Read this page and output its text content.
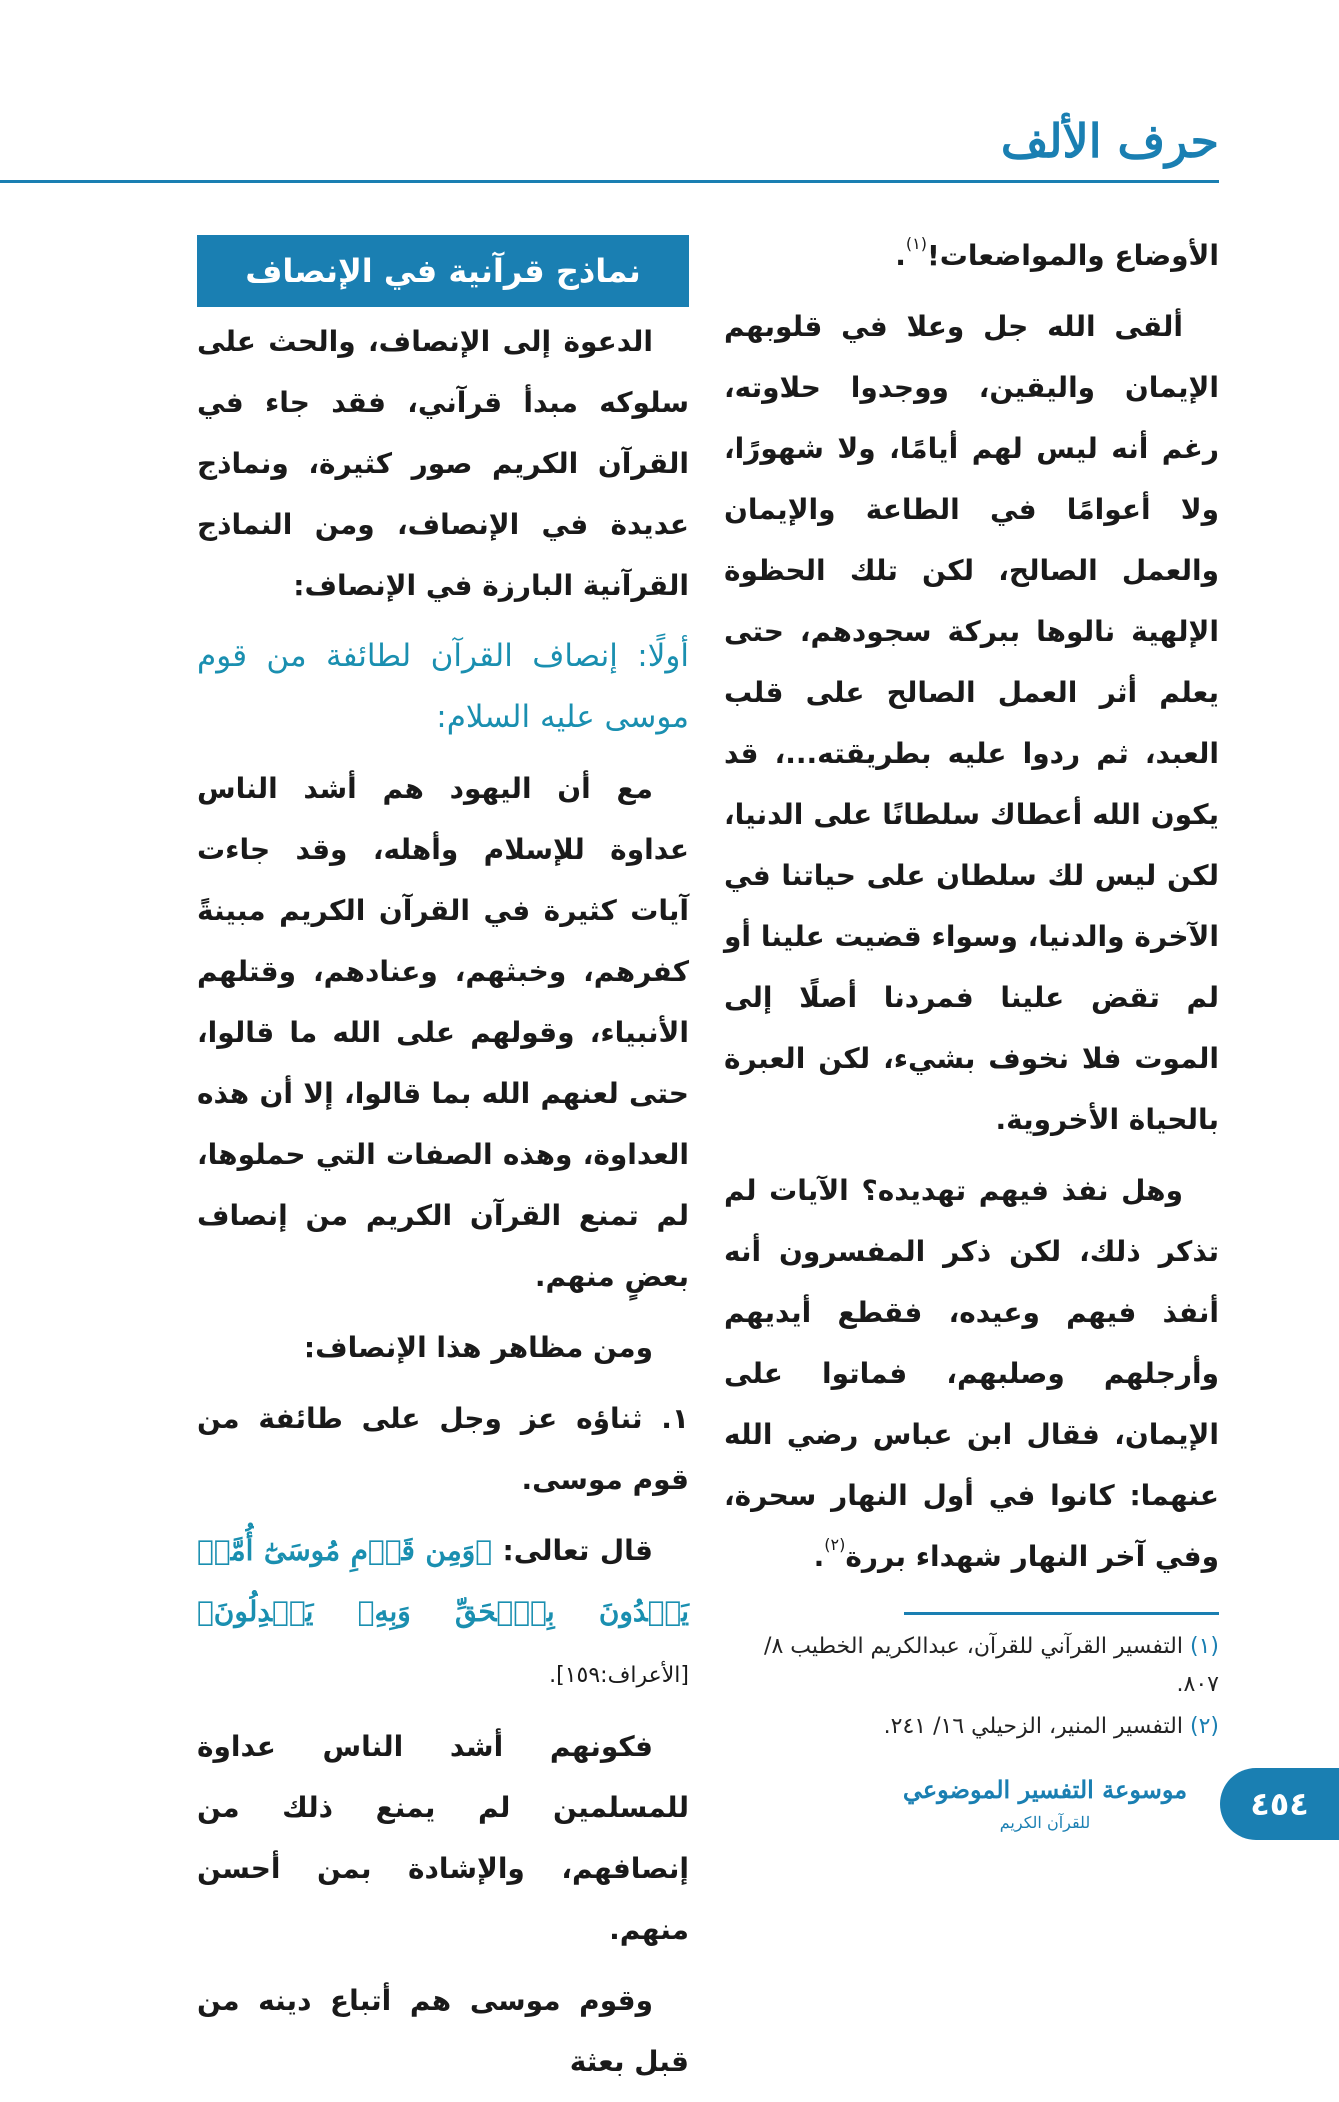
حرف الألف

الأوضاع والمواضعات!$^{(١)}$.

ألقى الله جل وعلا في قلوبهم الإيمان واليقين، ووجدوا حلاوته، رغم أنه ليس لهم أيامًا، ولا شهورًا، ولا أعوامًا في الطاعة والإيمان والعمل الصالح، لكن تلك الحظوة الإلهية نالوها ببركة سجودهم، حتى يعلم أثر العمل الصالح على قلب العبد، ثم ردوا عليه بطريقته...، قد يكون الله أعطاك سلطانًا على الدنيا، لكن ليس لك سلطان على حياتنا في الآخرة والدنيا، وسواء قضيت علينا أو لم تقض علينا فمردنا أصلًا إلى الموت فلا نخوف بشيء، لكن العبرة بالحياة الأخروية.

وهل نفذ فيهم تهديده؟ الآيات لم تذكر ذلك، لكن ذكر المفسرون أنه أنفذ فيهم وعيده، فقطع أيديهم وأرجلهم وصلبهم، فماتوا على الإيمان، فقال ابن عباس رضي الله عنهما: كانوا في أول النهار سحرة، وفي آخر النهار شهداء بررة$^{(٢)}$.

نماذج قرآنية في الإنصاف

الدعوة إلى الإنصاف، والحث على سلوكه مبدأ قرآني، فقد جاء في القرآن الكريم صور كثيرة، ونماذج عديدة في الإنصاف، ومن النماذج القرآنية البارزة في الإنصاف:

أولًا: إنصاف القرآن لطائفة من قوم موسى عليه السلام:

مع أن اليهود هم أشد الناس عداوة للإسلام وأهله، وقد جاءت آيات كثيرة في القرآن الكريم مبينةً كفرهم، وخبثهم، وعنادهم، وقتلهم الأنبياء، وقولهم على الله ما قالوا، حتى لعنهم الله بما قالوا، إلا أن هذه العداوة، وهذه الصفات التي حملوها، لم تمنع القرآن الكريم من إنصاف بعضٍ منهم.

ومن مظاهر هذا الإنصاف:

١. ثناؤه عز وجل على طائفة من قوم موسى.

قال تعالى: ﴿وَمِن قَوۡمِ مُوسَىٰٓ أُمَّةٞ يَهۡدُونَ بِٱلۡحَقِّ وَبِهِۦ يَعۡدِلُونَ﴾ [الأعراف:١٥٩].

فكونهم أشد الناس عداوة للمسلمين لم يمنع ذلك من إنصافهم، والإشادة بمن أحسن منهم.

وقوم موسى هم أتباع دينه من قبل بعثة

(١) التفسير القرآني للقرآن، عبدالكريم الخطيب ٨/ ٨٠٧.
(٢) التفسير المنير، الزحيلي ١٦/ ٢٤١.
موسوعة التفسير الموضوعي
للقرآن الكريم	٤٥٤
